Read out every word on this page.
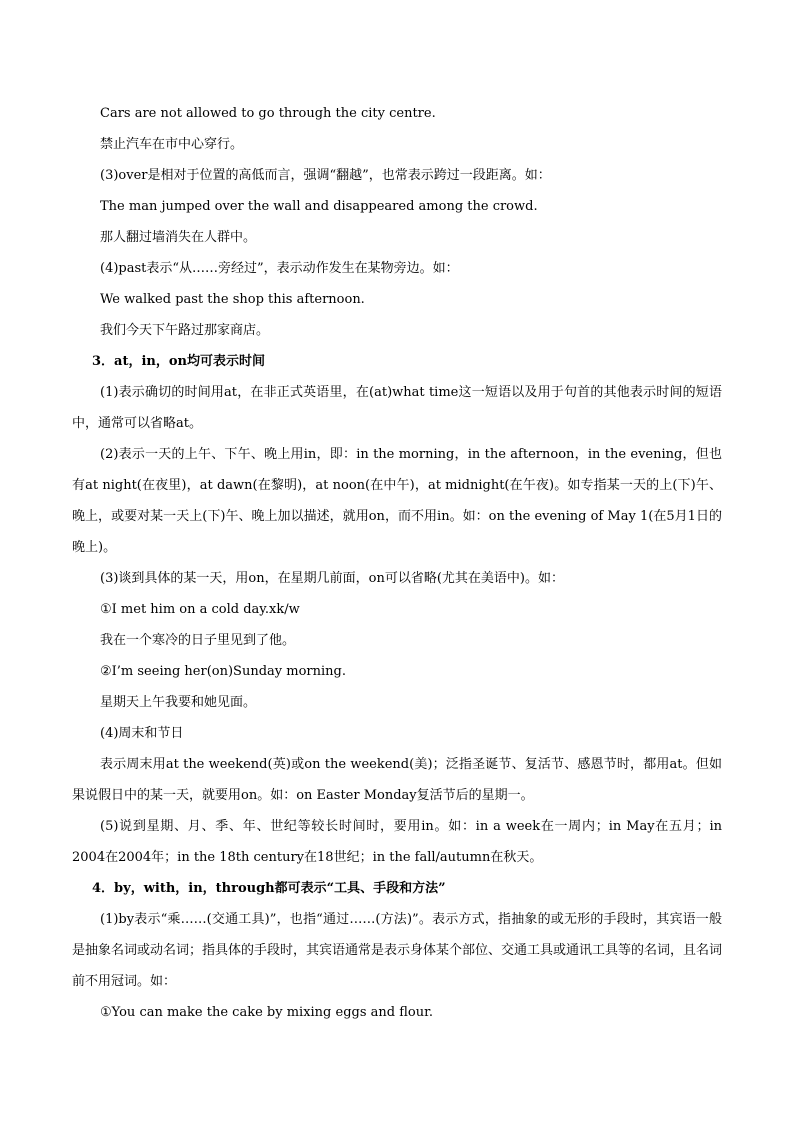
Cars are not allowed to go through the city centre.
禁止汽车在市中心穿行。
(3)over是相对于位置的高低而言，强调“翻越”，也常表示跨过一段距离。如：
The man jumped over the wall and disappeared among the crowd.
那人翻过墙消失在人群中。
(4)past表示“从……旁经过”，表示动作发生在某物旁边。如：
We walked past the shop this afternoon.
我们今天下午路过那家商店。
3．at，in，on均可表示时间
(1)表示确切的时间用at，在非正式英语里，在(at)what time这一短语以及用于句首的其他表示时间的短语中，通常可以省略at。
(2)表示一天的上午、下午、晚上用in，即：in the morning，in the afternoon，in the evening，但也有at night(在夜里)，at dawn(在黎明)，at noon(在中午)，at midnight(在午夜)。如专指某一天的上(下)午、晚上，或要对某一天上(下)午、晚上加以描述，就用on，而不用in。如：on the evening of May 1(在5月1日的晚上)。
(3)谈到具体的某一天，用on，在星期几前面，on可以省略(尤其在美语中)。如：
①I met him on a cold day.xk/w
我在一个寒冷的日子里见到了他。
②I’m seeing her(on)Sunday morning.
星期天上午我要和她见面。
(4)周末和节日
表示周末用at the weekend(英)或on the weekend(美)；泛指圣诞节、复活节、感恩节时，都用at。但如果说假日中的某一天，就要用on。如：on Easter Monday复活节后的星期一。
(5)说到星期、月、季、年、世纪等较长时间时，要用in。如：in a week在一周内；in May在五月；in 2004在2004年；in the 18th century在18世纪；in the fall/autumn在秋天。
4．by，with，in，through都可表示“工具、手段和方法”
(1)by表示“乘……(交通工具)”，也指“通过……(方法)”。表示方式，指抽象的或无形的手段时，其宾语一般是抽象名词或动名词；指具体的手段时，其宾语通常是表示身体某个部位、交通工具或通讯工具等的名词，且名词前不用冠词。如：
①You can make the cake by mixing eggs and flour.
